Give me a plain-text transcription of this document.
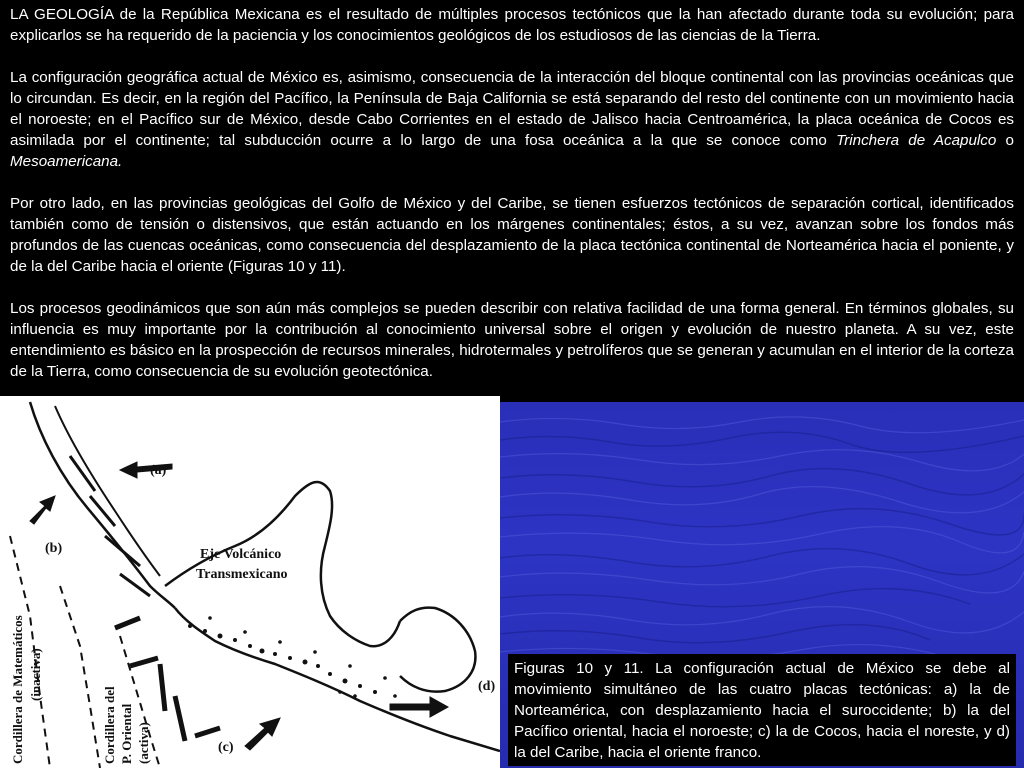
LA GEOLOGÍA de la República Mexicana es el resultado de múltiples procesos tectónicos que la han afectado durante toda su evolución; para explicarlos se ha requerido de la paciencia y los conocimientos geológicos de los estudiosos de las ciencias de la Tierra.

La configuración geográfica actual de México es, asimismo, consecuencia de la interacción del bloque continental con las provincias oceánicas que lo circundan. Es decir, en la región del Pacífico, la Península de Baja California se está separando del resto del continente con un movimiento hacia el noroeste; en el Pacífico sur de México, desde Cabo Corrientes en el estado de Jalisco hacia Centroamérica, la placa oceánica de Cocos es asimilada por el continente; tal subducción ocurre a lo largo de una fosa oceánica a la que se conoce como Trinchera de Acapulco o Mesoamericana.

Por otro lado, en las provincias geológicas del Golfo de México y del Caribe, se tienen esfuerzos tectónicos de separación cortical, identificados también como de tensión o distensivos, que están actuando en los márgenes continentales; éstos, a su vez, avanzan sobre los fondos más profundos de las cuencas oceánicas, como consecuencia del desplazamiento de la placa tectónica continental de Norteamérica hacia el poniente, y de la del Caribe hacia el oriente (Figuras 10 y 11).

Los procesos geodinámicos que son aún más complejos se pueden describir con relativa facilidad de una forma general. En términos globales, su influencia es muy importante por la contribución al conocimiento universal sobre el origen y evolución de nuestro planeta. A su vez, este entendimiento es básico en la prospección de recursos minerales, hidrotermales y petrolíferos que se generan y acumulan en el interior de la corteza de la Tierra, como consecuencia de su evolución geotectónica.

(a)
(b)
(c)
(d)
Eje Volcánico
Transmexicano
Cordillera de Matemáticos (inactiva)
Cordillera del P. Oriental (activa)
Figuras 10 y 11. La configuración actual de México se debe al movimiento simultáneo de las cuatro placas tectónicas: a) la de Norteamérica, con desplazamiento hacia el suroccidente; b) la del Pacífico oriental, hacia el noroeste; c) la de Cocos, hacia el noreste, y d) la del Caribe, hacia el oriente franco.
